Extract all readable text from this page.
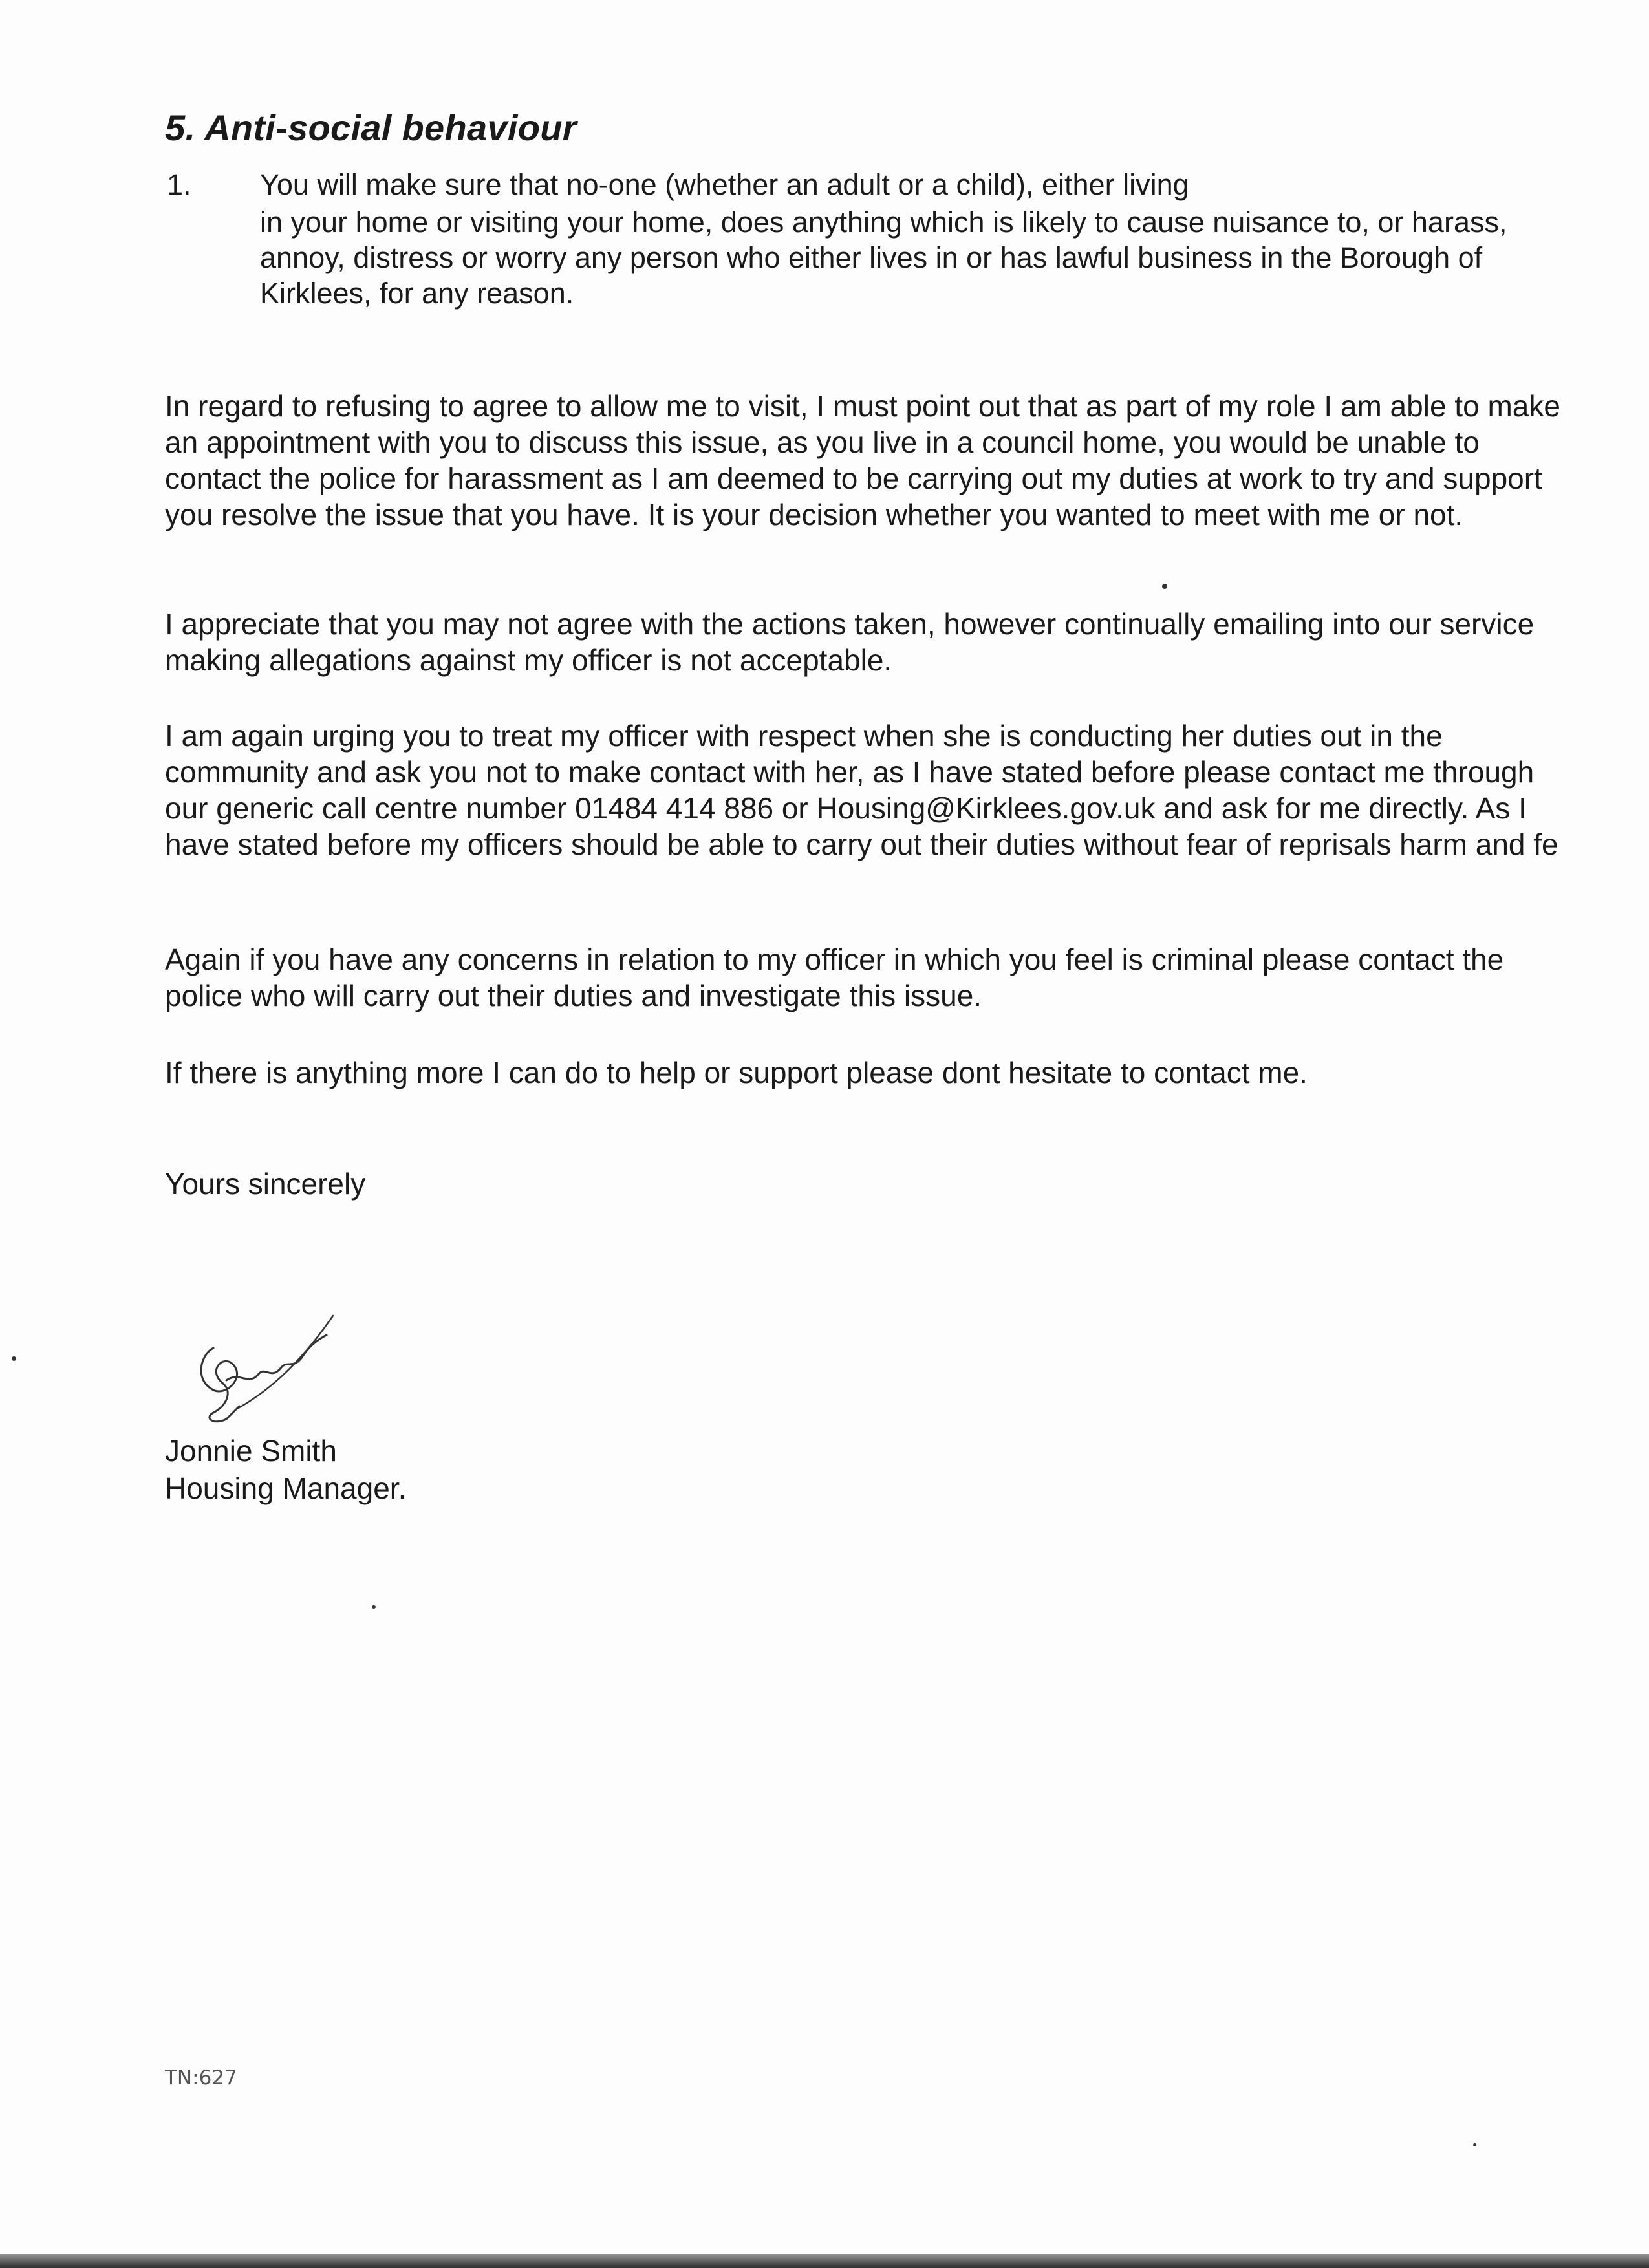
5. Anti-social behaviour
1. You will make sure that no-one (whether an adult or a child), either living
in your home or visiting your home, does anything which is likely to cause nuisance to, or harass, annoy, distress or worry any person who either lives in or has lawful business in the Borough of Kirklees, for any reason.
In regard to refusing to agree to allow me to visit, I must point out that as part of my role I am able to make an appointment with you to discuss this issue, as you live in a council home, you would be unable to contact the police for harassment as I am deemed to be carrying out my duties at work to try and support you resolve the issue that you have. It is your decision whether you wanted to meet with me or not.
I appreciate that you may not agree with the actions taken, however continually emailing into our service making allegations against my officer is not acceptable.
I am again urging you to treat my officer with respect when she is conducting her duties out in the community and ask you not to make contact with her, as I have stated before please contact me through our generic call centre number 01484 414 886 or Housing@Kirklees.gov.uk and ask for me directly. As I have stated before my officers should be able to carry out their duties without fear of reprisals harm and fe
Again if you have any concerns in relation to my officer in which you feel is criminal please contact the police who will carry out their duties and investigate this issue.
If there is anything more I can do to help or support please dont hesitate to contact me.
Yours sincerely
Jonnie Smith
Housing Manager.
TN:627
